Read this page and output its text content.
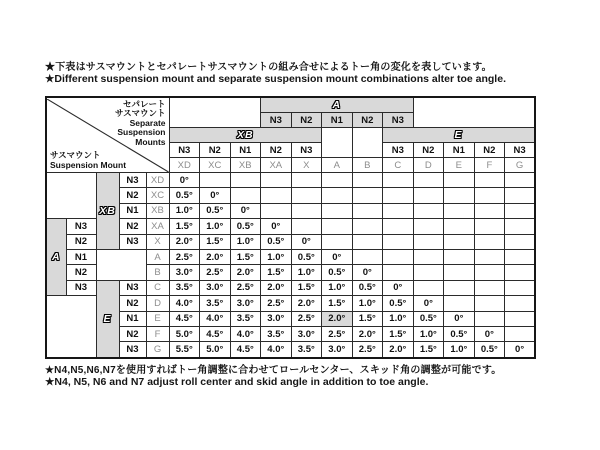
★下表はサスマウントとセパレートサスマウントの組み合せによるトー角の変化を表しています。
★Different suspension mount and separate suspension mount combinations alter toe angle.
セパレート
サスマウント
Separate
Suspension
Mounts
サスマウント
Suspension Mount
		A	
								N3	N2	N1	N2	N3				
					XB							E				
					N3	N2	N1	N2	N3			N3	N2	N1	N2	N3
					XD	XC	XB	XA	X	A	B	C	D	E	F	G
		XB	N3	XD	0°											
			N2	XC	0.5°	0°										
			N1	XB	1.0°	0.5°	0°									
A	N3		N2	XA	1.5°	1.0°	0.5°	0°								
	N2		N3	X	2.0°	1.5°	1.0°	0.5°	0°							
	N1			A	2.5°	2.0°	1.5°	1.0°	0.5°	0°						
	N2			B	3.0°	2.5°	2.0°	1.5°	1.0°	0.5°	0°					
	N3	E	N3	C	3.5°	3.0°	2.5°	2.0°	1.5°	1.0°	0.5°	0°				
			N2	D	4.0°	3.5°	3.0°	2.5°	2.0°	1.5°	1.0°	0.5°	0°			
			N1	E	4.5°	4.0°	3.5°	3.0°	2.5°	2.0°	1.5°	1.0°	0.5°	0°		
			N2	F	5.0°	4.5°	4.0°	3.5°	3.0°	2.5°	2.0°	1.5°	1.0°	0.5°	0°	
			N3	G	5.5°	5.0°	4.5°	4.0°	3.5°	3.0°	2.5°	2.0°	1.5°	1.0°	0.5°	0°
★N4,N5,N6,N7を使用すればトー角調整に合わせてロールセンター、スキッド角の調整が可能です。
★N4, N5, N6 and N7 adjust roll center and skid angle in addition to toe angle.
